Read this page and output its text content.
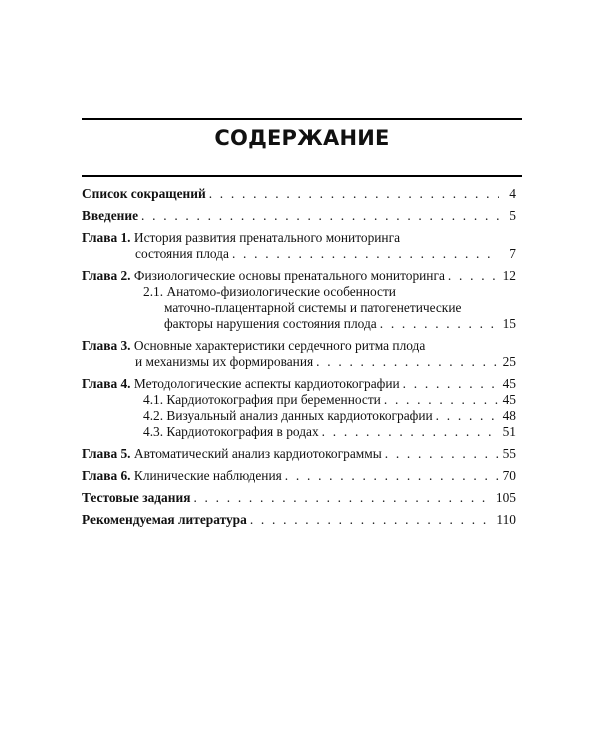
СОДЕРЖАНИЕ
Список сокращений . . .	4
Введение . . .	5
Глава 1. История развития пренатального мониторинга
состояния плода . . .	7
Глава 2. Физиологические основы пренатального мониторинга . . .	12
2.1. Анатомо-физиологические особенности
маточно-плацентарной системы и патогенетические
факторы нарушения состояния плода . . .	15
Глава 3. Основные характеристики сердечного ритма плода
и механизмы их формирования . . .	25
Глава 4. Методологические аспекты кардиотокографии . . .	45
4.1. Кардиотокография при беременности . . .	45
4.2. Визуальный анализ данных кардиотокографии . . .	48
4.3. Кардиотокография в родах . . .	51
Глава 5. Автоматический анализ кардиотокограммы . . .	55
Глава 6. Клинические наблюдения . . .	70
Тестовые задания . . .	105
Рекомендуемая литература . . .	110
